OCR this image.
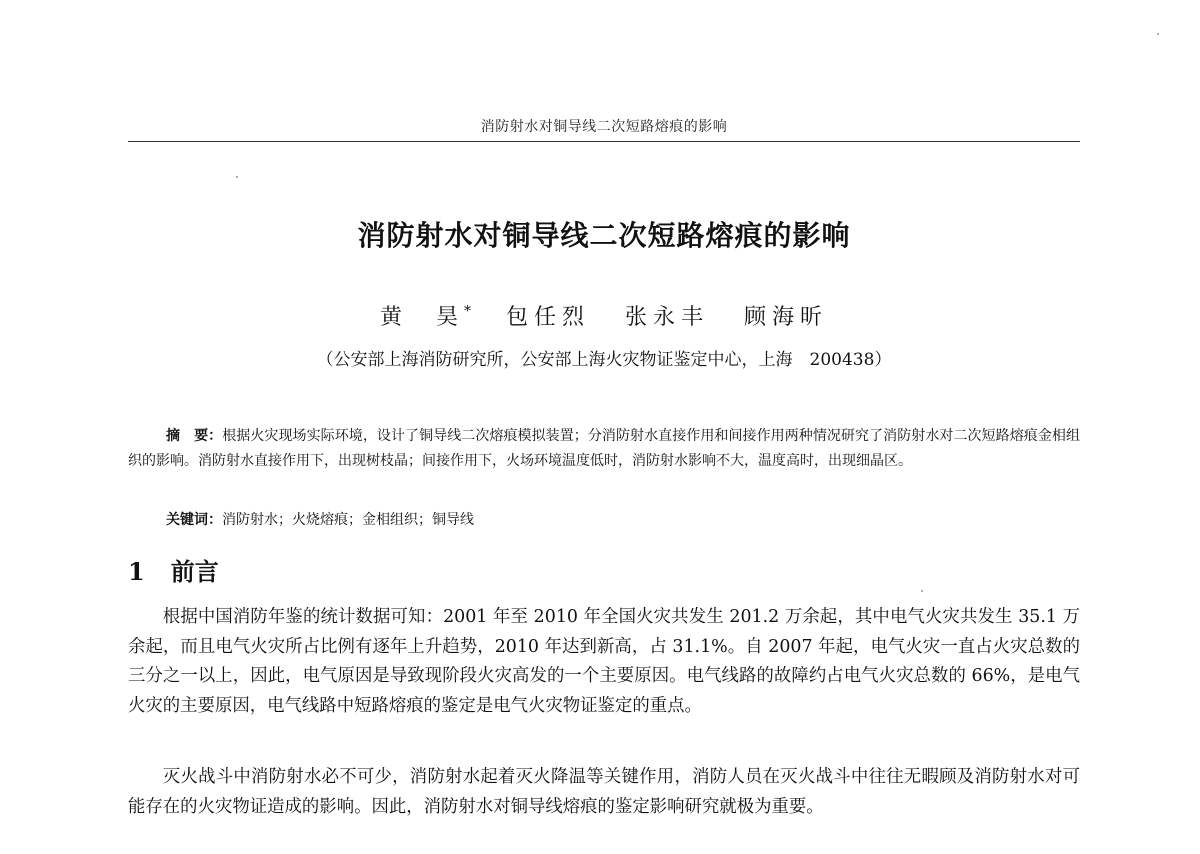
消防射水对铜导线二次短路熔痕的影响
消防射水对铜导线二次短路熔痕的影响
黄　昊* 包任烈 张永丰 顾海昕
（公安部上海消防研究所，公安部上海火灾物证鉴定中心，上海　200438）
摘　要：根据火灾现场实际环境，设计了铜导线二次熔痕模拟装置；分消防射水直接作用和间接作用两种情况研究了消防射水对二次短路熔痕金相组织的影响。消防射水直接作用下，出现树枝晶；间接作用下，火场环境温度低时，消防射水影响不大，温度高时，出现细晶区。
关键词：消防射水；火烧熔痕；金相组织；铜导线
1 前言

根据中国消防年鉴的统计数据可知：2001 年至 2010 年全国火灾共发生 201.2 万余起，其中电气火灾共发生 35.1 万余起，而且电气火灾所占比例有逐年上升趋势，2010 年达到新高，占 31.1%。自 2007 年起，电气火灾一直占火灾总数的三分之一以上，因此，电气原因是导致现阶段火灾高发的一个主要原因。电气线路的故障约占电气火灾总数的 66%，是电气火灾的主要原因，电气线路中短路熔痕的鉴定是电气火灾物证鉴定的重点。

灭火战斗中消防射水必不可少，消防射水起着灭火降温等关键作用，消防人员在灭火战斗中往往无暇顾及消防射水对可能存在的火灾物证造成的影响。因此，消防射水对铜导线熔痕的鉴定影响研究就极为重要。
